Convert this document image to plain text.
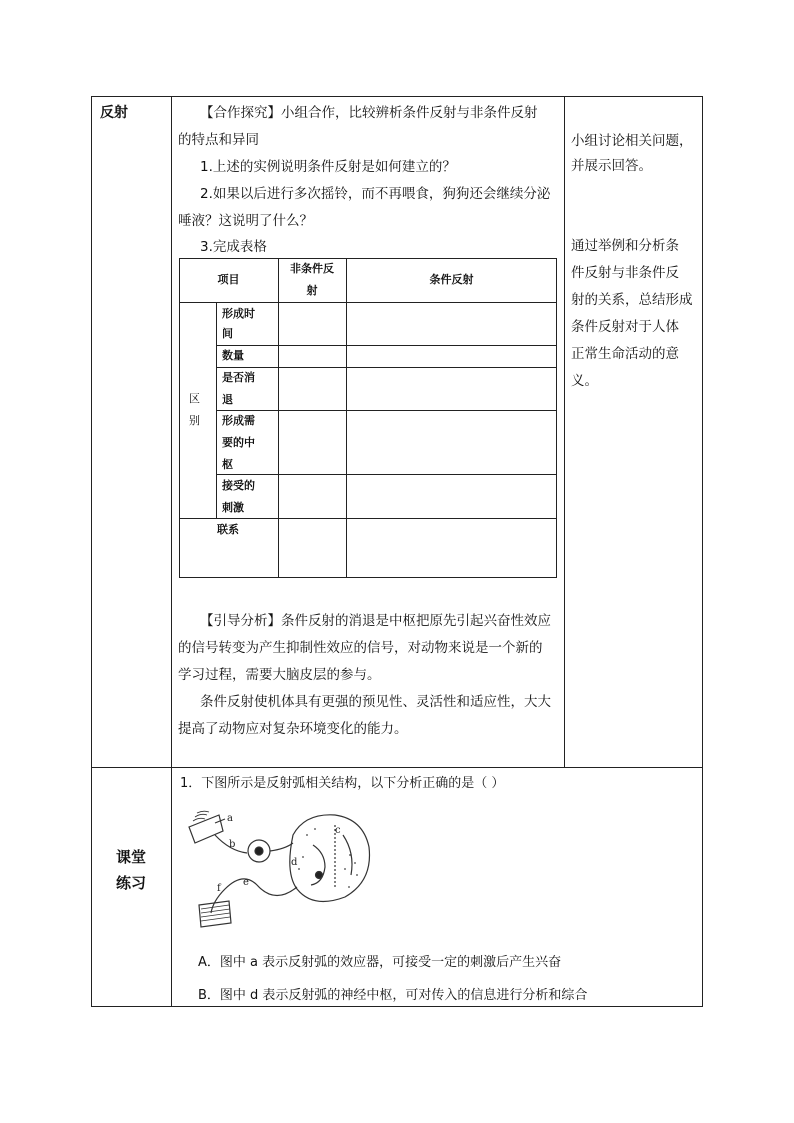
反射	【合作探究】小组合作，比较辨析条件反射与非条件反射
的特点和异同
1.上述的实例说明条件反射是如何建立的？
2.如果以后进行多次摇铃，而不再喂食，狗狗还会继续分泌
唾液？这说明了什么？
3.完成表格
项目
非条件反
射
条件反射
区
别
形成时
间
数量
是否消
退
形成需
要的中
枢
接受的
刺激
联系
【引导分析】条件反射的消退是中枢把原先引起兴奋性效应
的信号转变为产生抑制性效应的信号，对动物来说是一个新的
学习过程，需要大脑皮层的参与。
条件反射使机体具有更强的预见性、灵活性和适应性，大大
提高了动物应对复杂环境变化的能力。
小组讨论相关问题，
并展示回答。
通过举例和分析条
件反射与非条件反
射的关系，总结形成
条件反射对于人体
正常生命活动的意
义。
课堂
练习
1．下图所示是反射弧相关结构，以下分析正确的是（ ）
a
b
c
d
e
f
A．图中 a 表示反射弧的效应器，可接受一定的刺激后产生兴奋
B．图中 d 表示反射弧的神经中枢，可对传入的信息进行分析和综合
